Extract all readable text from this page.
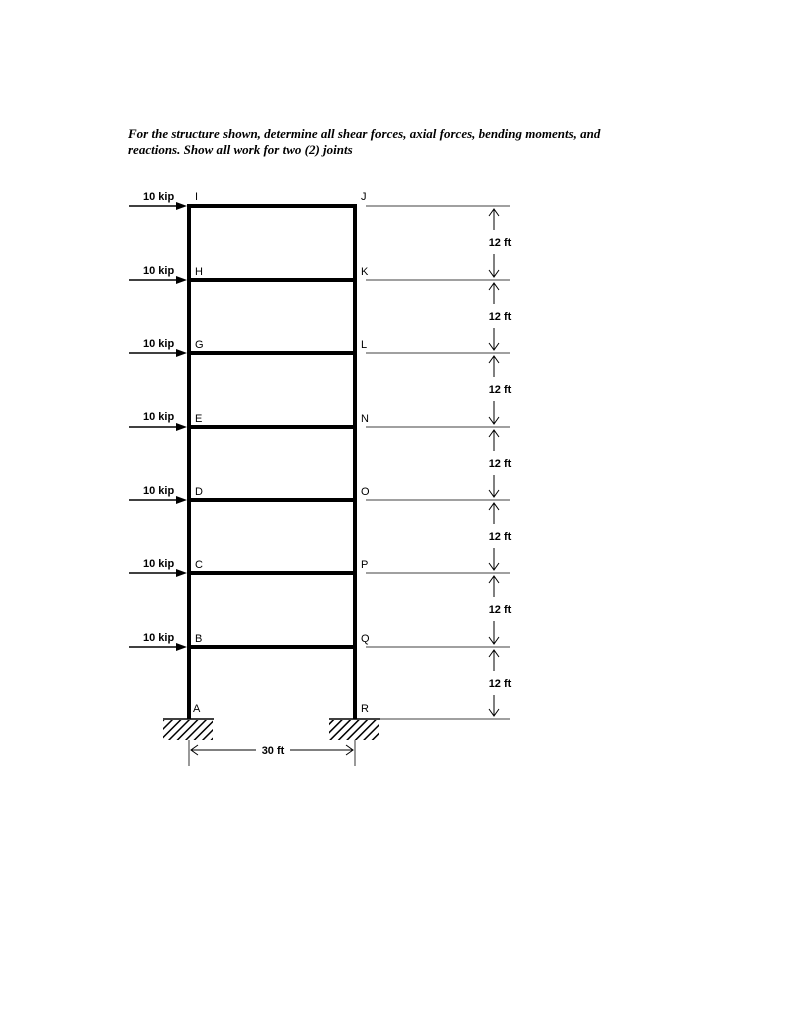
For the structure shown, determine all shear forces, axial forces, bending moments, and
reactions. Show all work for two (2) joints
12 ft
12 ft
12 ft
12 ft
12 ft
12 ft
12 ft
10 kip
10 kip
10 kip
10 kip
10 kip
10 kip
10 kip
I
H
G
E
D
C
B
A
J
K
L
N
O
P
Q
R
30 ft
